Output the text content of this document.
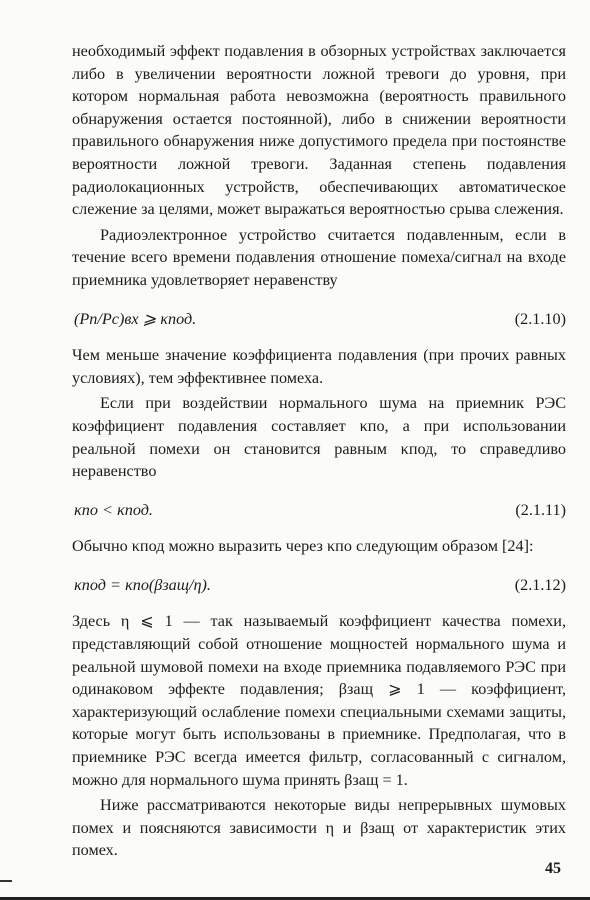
необходимый эффект подавления в обзорных устройствах заключается либо в увеличении вероятности ложной тревоги до уровня, при котором нормальная работа невозможна (вероятность правильного обнаружения остается постоянной), либо в снижении вероятности правильного обнаружения ниже допустимого предела при постоянстве вероятности ложной тревоги. Заданная степень подавления радиолокационных устройств, обеспечивающих автоматическое слежение за целями, может выражаться вероятностью срыва слежения.

Радиоэлектронное устройство считается подавленным, если в течение всего времени подавления отношение помеха/сигнал на входе приемника удовлетворяет неравенству

(Pп/Pс)вх ⩾ κпод.	(2.1.10)

Чем меньше значение коэффициента подавления (при прочих равных условиях), тем эффективнее помеха.

Если при воздействии нормального шума на приемник РЭС коэффициент подавления составляет κпо, а при использовании реальной помехи он становится равным κпод, то справедливо неравенство

κпо < κпод.	(2.1.11)

Обычно κпод можно выразить через κпо следующим образом [24]:

κпод = κпо(βзащ/η).	(2.1.12)

Здесь η ⩽ 1 — так называемый коэффициент качества помехи, представляющий собой отношение мощностей нормального шума и реальной шумовой помехи на входе приемника подавляемого РЭС при одинаковом эффекте подавления; βзащ ⩾ 1 — коэффициент, характеризующий ослабление помехи специальными схемами защиты, которые могут быть использованы в приемнике. Предполагая, что в приемнике РЭС всегда имеется фильтр, согласованный с сигналом, можно для нормального шума принять βзащ = 1.

Ниже рассматриваются некоторые виды непрерывных шумовых помех и поясняются зависимости η и βзащ от характеристик этих помех.

45
